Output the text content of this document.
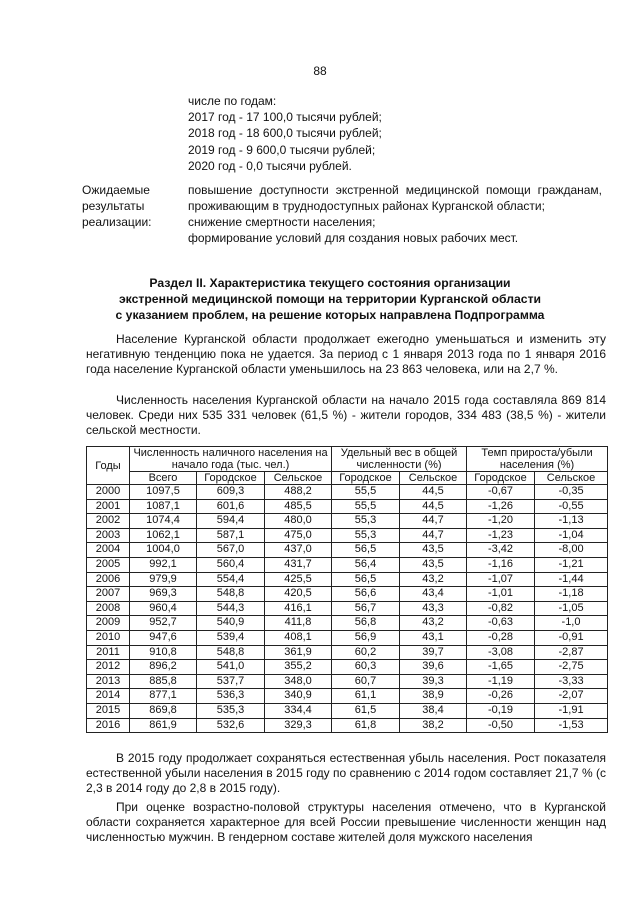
88
числе по годам:
2017 год - 17 100,0 тысячи рублей;
2018 год - 18 600,0 тысячи рублей;
2019 год - 9 600,0 тысячи рублей;
2020 год - 0,0 тысячи рублей.
Ожидаемые
результаты
реализации:
повышение доступности экстренной медицинской помощи гражданам, проживающим в труднодоступных районах Курганской области;
снижение смертности населения;
формирование условий для создания новых рабочих мест.
Раздел II. Характеристика текущего состояния организации
экстренной медицинской помощи на территории Курганской области
с указанием проблем, на решение которых направлена Подпрограмма
Население Курганской области продолжает ежегодно уменьшаться и изменить эту негативную тенденцию пока не удается. За период с 1 января 2013 года по 1 января 2016 года население Курганской области уменьшилось на 23 863 человека, или на 2,7 %.
Численность населения Курганской области на начало 2015 года составляла 869 814 человек. Среди них 535 331 человек (61,5 %) - жители городов, 334 483 (38,5 %) - жители сельской местности.
Годы	Численность наличного населения на начало года (тыс. чел.)			Удельный вес в общей численности (%)		Темп прироста/убыли населения (%)	
	Всего	Городское	Сельское	Городское	Сельское	Городское	Сельское
2000	1097,5	609,3	488,2	55,5	44,5	-0,67	-0,35
2001	1087,1	601,6	485,5	55,5	44,5	-1,26	-0,55
2002	1074,4	594,4	480,0	55,3	44,7	-1,20	-1,13
2003	1062,1	587,1	475,0	55,3	44,7	-1,23	-1,04
2004	1004,0	567,0	437,0	56,5	43,5	-3,42	-8,00
2005	992,1	560,4	431,7	56,4	43,5	-1,16	-1,21
2006	979,9	554,4	425,5	56,5	43,2	-1,07	-1,44
2007	969,3	548,8	420,5	56,6	43,4	-1,01	-1,18
2008	960,4	544,3	416,1	56,7	43,3	-0,82	-1,05
2009	952,7	540,9	411,8	56,8	43,2	-0,63	-1,0
2010	947,6	539,4	408,1	56,9	43,1	-0,28	-0,91
2011	910,8	548,8	361,9	60,2	39,7	-3,08	-2,87
2012	896,2	541,0	355,2	60,3	39,6	-1,65	-2,75
2013	885,8	537,7	348,0	60,7	39,3	-1,19	-3,33
2014	877,1	536,3	340,9	61,1	38,9	-0,26	-2,07
2015	869,8	535,3	334,4	61,5	38,4	-0,19	-1,91
2016	861,9	532,6	329,3	61,8	38,2	-0,50	-1,53
В 2015 году продолжает сохраняться естественная убыль населения. Рост показателя естественной убыли населения в 2015 году по сравнению с 2014 годом составляет 21,7 % (с 2,3 в 2014 году до 2,8 в 2015 году).
При оценке возрастно-половой структуры населения отмечено, что в Курганской области сохраняется характерное для всей России превышение численности женщин над численностью мужчин. В гендерном составе жителей доля мужского населения
